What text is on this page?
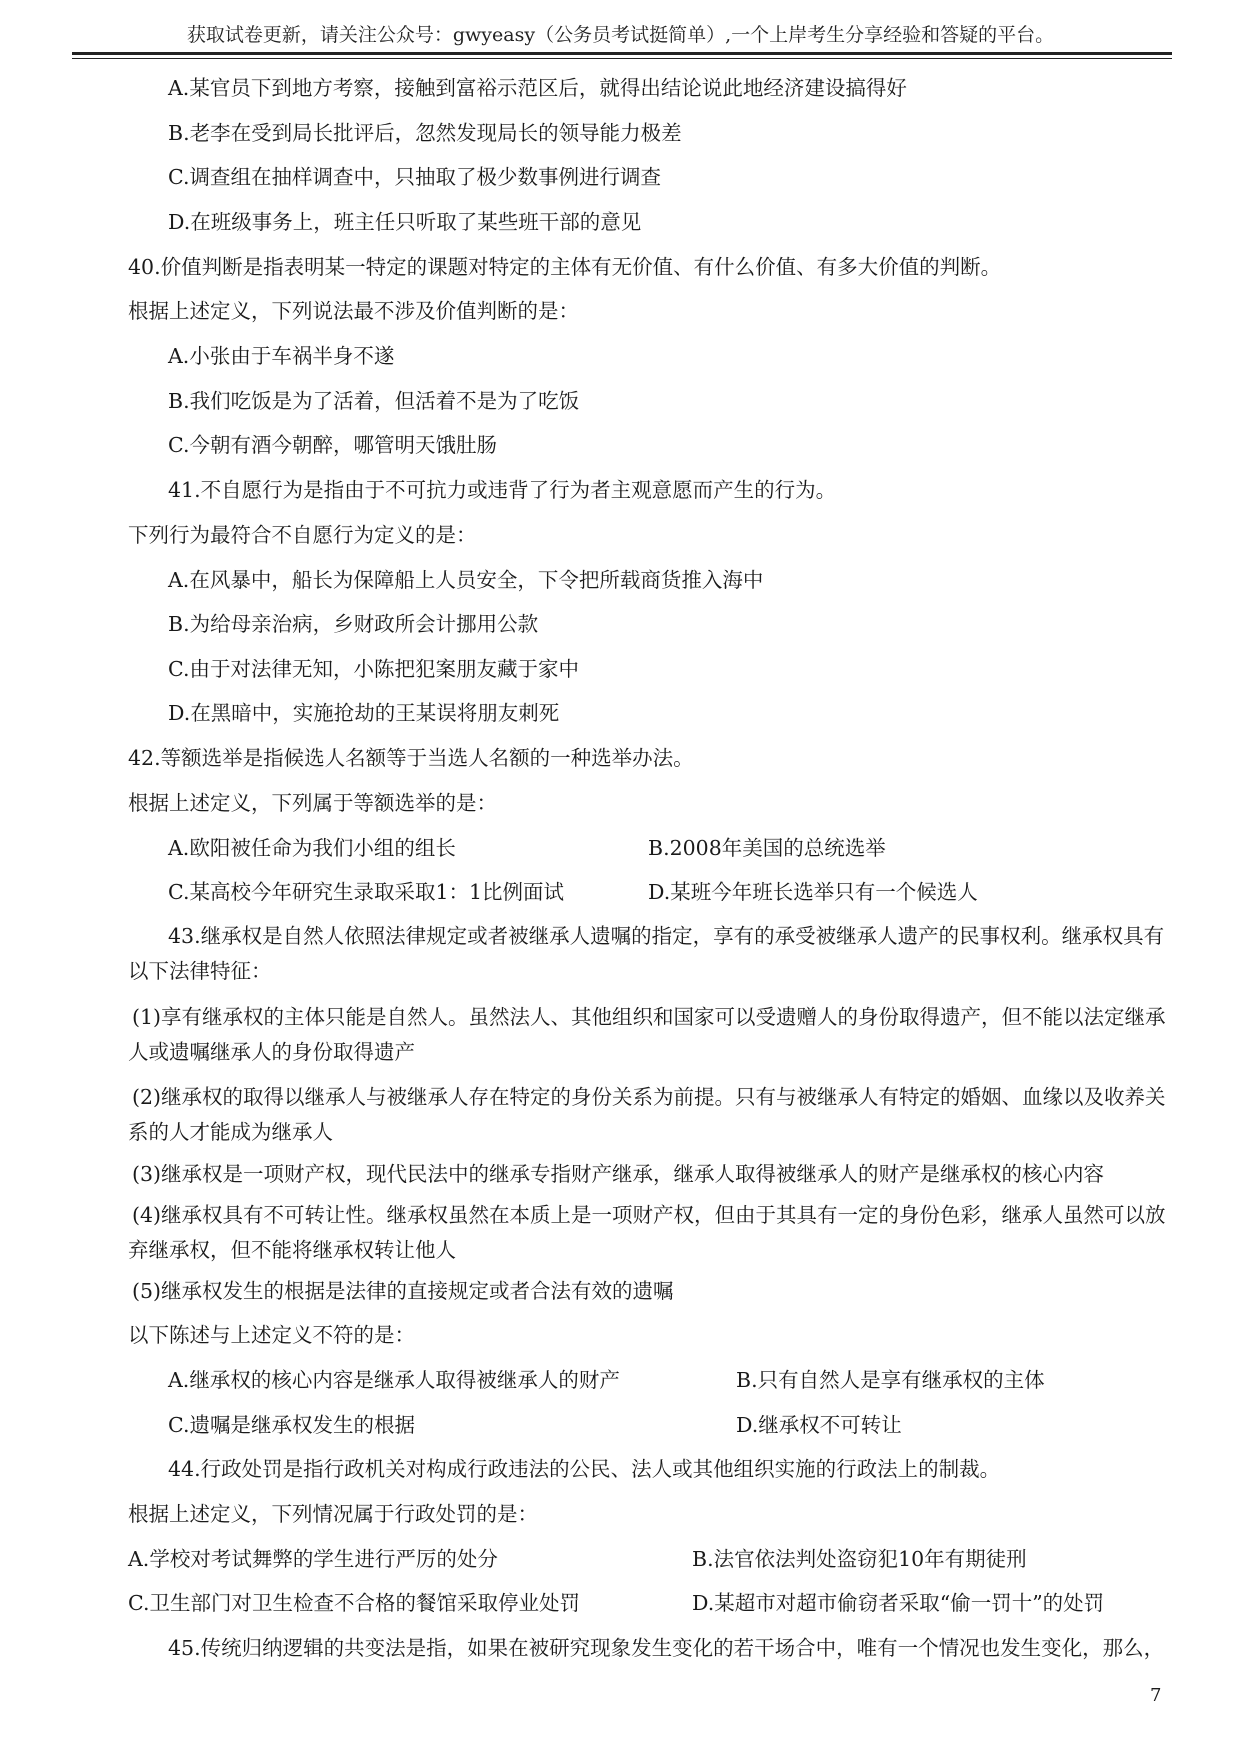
获取试卷更新，请关注公众号：gwyeasy（公务员考试挺简单）,一个上岸考生分享经验和答疑的平台。
A.某官员下到地方考察，接触到富裕示范区后，就得出结论说此地经济建设搞得好
B.老李在受到局长批评后，忽然发现局长的领导能力极差
C.调查组在抽样调查中，只抽取了极少数事例进行调查
D.在班级事务上，班主任只听取了某些班干部的意见
40.价值判断是指表明某一特定的课题对特定的主体有无价值、有什么价值、有多大价值的判断。
根据上述定义，下列说法最不涉及价值判断的是：
A.小张由于车祸半身不遂
B.我们吃饭是为了活着，但活着不是为了吃饭
C.今朝有酒今朝醉，哪管明天饿肚肠
41.不自愿行为是指由于不可抗力或违背了行为者主观意愿而产生的行为。
下列行为最符合不自愿行为定义的是：
A.在风暴中，船长为保障船上人员安全，下令把所载商货推入海中
B.为给母亲治病，乡财政所会计挪用公款
C.由于对法律无知，小陈把犯案朋友藏于家中
D.在黑暗中，实施抢劫的王某误将朋友刺死
42.等额选举是指候选人名额等于当选人名额的一种选举办法。
根据上述定义，下列属于等额选举的是：
A.欧阳被任命为我们小组的组长	B.2008年美国的总统选举
C.某高校今年研究生录取采取1：1比例面试	D.某班今年班长选举只有一个候选人
43.继承权是自然人依照法律规定或者被继承人遗嘱的指定，享有的承受被继承人遗产的民事权利。继承权具有以下法律特征：
(1)享有继承权的主体只能是自然人。虽然法人、其他组织和国家可以受遗赠人的身份取得遗产，但不能以法定继承人或遗嘱继承人的身份取得遗产
(2)继承权的取得以继承人与被继承人存在特定的身份关系为前提。只有与被继承人有特定的婚姻、血缘以及收养关系的人才能成为继承人
(3)继承权是一项财产权，现代民法中的继承专指财产继承，继承人取得被继承人的财产是继承权的核心内容
(4)继承权具有不可转让性。继承权虽然在本质上是一项财产权，但由于其具有一定的身份色彩，继承人虽然可以放弃继承权，但不能将继承权转让他人
(5)继承权发生的根据是法律的直接规定或者合法有效的遗嘱
以下陈述与上述定义不符的是：
A.继承权的核心内容是继承人取得被继承人的财产	B.只有自然人是享有继承权的主体
C.遗嘱是继承权发生的根据	D.继承权不可转让
44.行政处罚是指行政机关对构成行政违法的公民、法人或其他组织实施的行政法上的制裁。
根据上述定义，下列情况属于行政处罚的是：
A.学校对考试舞弊的学生进行严厉的处分	B.法官依法判处盗窃犯10年有期徒刑
C.卫生部门对卫生检查不合格的餐馆采取停业处罚	D.某超市对超市偷窃者采取“偷一罚十”的处罚
45.传统归纳逻辑的共变法是指，如果在被研究现象发生变化的若干场合中，唯有一个情况也发生变化，那么，
7
